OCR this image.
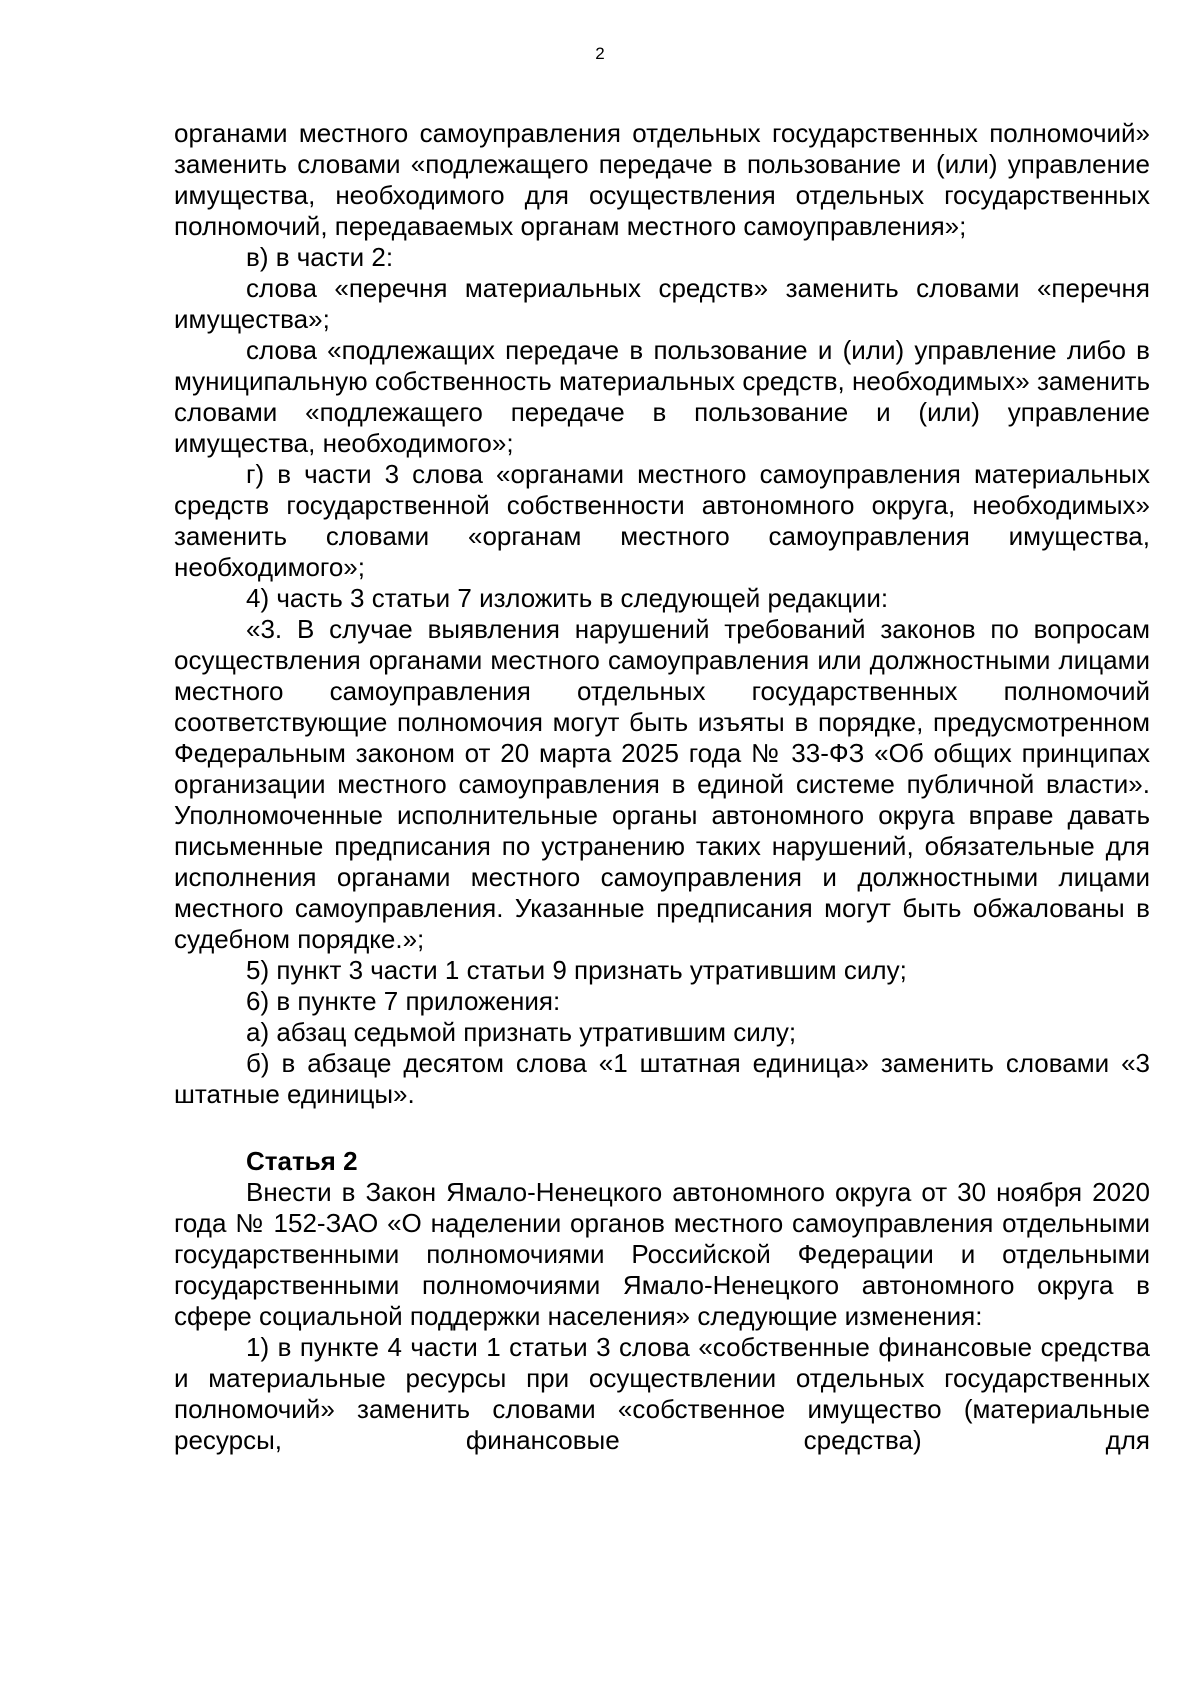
2

органами местного самоуправления отдельных государственных полномочий» заменить словами «подлежащего передаче в пользование и (или) управление имущества, необходимого для осуществления отдельных государственных полномочий, передаваемых органам местного самоуправления»;

в) в части 2:

слова «перечня материальных средств» заменить словами «перечня имущества»;

слова «подлежащих передаче в пользование и (или) управление либо в муниципальную собственность материальных средств, необходимых» заменить словами «подлежащего передаче в пользование и (или) управление имущества, необходимого»;

г) в части 3 слова «органами местного самоуправления материальных средств государственной собственности автономного округа, необходимых» заменить словами «органам местного самоуправления имущества, необходимого»;

4) часть 3 статьи 7 изложить в следующей редакции:

«3. В случае выявления нарушений требований законов по вопросам осуществления органами местного самоуправления или должностными лицами местного самоуправления отдельных государственных полномочий соответствующие полномочия могут быть изъяты в порядке, предусмотренном Федеральным законом от 20 марта 2025 года № 33-ФЗ «Об общих принципах организации местного самоуправления в единой системе публичной власти». Уполномоченные исполнительные органы автономного округа вправе давать письменные предписания по устранению таких нарушений, обязательные для исполнения органами местного самоуправления и должностными лицами местного самоуправления. Указанные предписания могут быть обжалованы в судебном порядке.»;

5) пункт 3 части 1 статьи 9 признать утратившим силу;

6) в пункте 7 приложения:

а) абзац седьмой признать утратившим силу;

б) в абзаце десятом слова «1 штатная единица» заменить словами «3 штатные единицы».

Статья 2

Внести в Закон Ямало-Ненецкого автономного округа от 30 ноября 2020 года № 152-ЗАО «О наделении органов местного самоуправления отдельными государственными полномочиями Российской Федерации и отдельными государственными полномочиями Ямало-Ненецкого автономного округа в сфере социальной поддержки населения» следующие изменения:

1) в пункте 4 части 1 статьи 3 слова «собственные финансовые средства и материальные ресурсы при осуществлении отдельных государственных полномочий» заменить словами «собственное имущество (материальные ресурсы, финансовые средства) для
